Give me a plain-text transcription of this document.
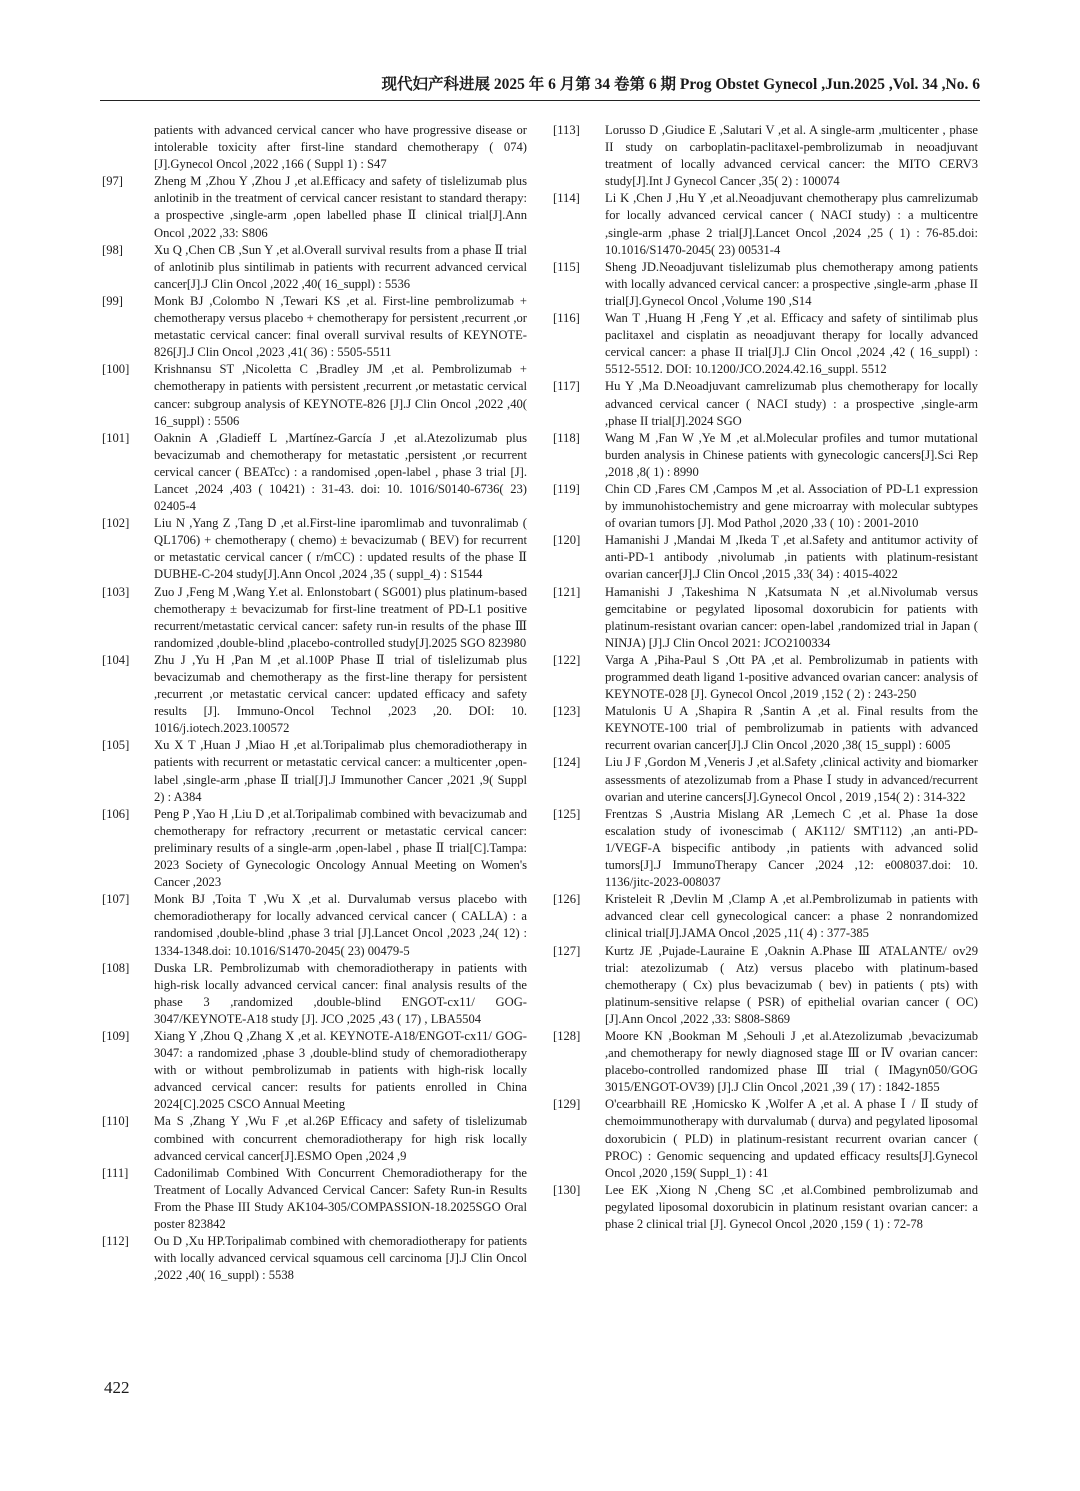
现代妇产科进展 2025 年 6 月第 34 卷第 6 期 Prog Obstet Gynecol ,Jun.2025 ,Vol. 34 ,No. 6
patients with advanced cervical cancer who have progressive disease or intolerable toxicity after first-line standard chemotherapy ( 074) [J].Gynecol Oncol ,2022 ,166 ( Suppl 1) : S47
[97]	Zheng M ,Zhou Y ,Zhou J ,et al.Efficacy and safety of tislelizumab plus anlotinib in the treatment of cervical cancer resistant to standard therapy: a prospective ,single-arm ,open labelled phase Ⅱ clinical trial[J].Ann Oncol ,2022 ,33: S806
[98]	Xu Q ,Chen CB ,Sun Y ,et al.Overall survival results from a phase Ⅱ trial of anlotinib plus sintilimab in patients with recurrent advanced cervical cancer[J].J Clin Oncol ,2022 ,40( 16_suppl) : 5536
[99]	Monk BJ ,Colombo N ,Tewari KS ,et al. First-line pembrolizumab + chemotherapy versus placebo + chemotherapy for persistent ,recurrent ,or metastatic cervical cancer: final overall survival results of KEYNOTE-826[J].J Clin Oncol ,2023 ,41( 36) : 5505-5511
[100]	Krishnansu ST ,Nicoletta C ,Bradley JM ,et al. Pembrolizumab + chemotherapy in patients with persistent ,recurrent ,or metastatic cervical cancer: subgroup analysis of KEYNOTE-826 [J].J Clin Oncol ,2022 ,40( 16_suppl) : 5506
[101]	Oaknin A ,Gladieff L ,Martínez-García J ,et al.Atezolizumab plus bevacizumab and chemotherapy for metastatic ,persistent ,or recurrent cervical cancer ( BEATcc) : a randomised ,open-label , phase 3 trial [J]. Lancet ,2024 ,403 ( 10421) : 31-43. doi: 10. 1016/S0140-6736( 23) 02405-4
[102]	Liu N ,Yang Z ,Tang D ,et al.First-line iparomlimab and tuvonralimab ( QL1706) + chemotherapy ( chemo) ± bevacizumab ( BEV) for recurrent or metastatic cervical cancer ( r/mCC) : updated results of the phase Ⅱ DUBHE-C-204 study[J].Ann Oncol ,2024 ,35 ( suppl_4) : S1544
[103]	Zuo J ,Feng M ,Wang Y.et al. Enlonstobart ( SG001) plus platinum-based chemotherapy ± bevacizumab for first-line treatment of PD-L1 positive recurrent/metastatic cervical cancer: safety run-in results of the phase Ⅲ randomized ,double-blind ,placebo-controlled study[J].2025 SGO 823980
[104]	Zhu J ,Yu H ,Pan M ,et al.100P Phase Ⅱ trial of tislelizumab plus bevacizumab and chemotherapy as the first-line therapy for persistent ,recurrent ,or metastatic cervical cancer: updated efficacy and safety results [J]. Immuno-Oncol Technol ,2023 ,20. DOI: 10. 1016/j.iotech.2023.100572
[105]	Xu X T ,Huan J ,Miao H ,et al.Toripalimab plus chemoradiotherapy in patients with recurrent or metastatic cervical cancer: a multicenter ,open-label ,single-arm ,phase Ⅱ trial[J].J Immunother Cancer ,2021 ,9( Suppl 2) : A384
[106]	Peng P ,Yao H ,Liu D ,et al.Toripalimab combined with bevacizumab and chemotherapy for refractory ,recurrent or metastatic cervical cancer: preliminary results of a single-arm ,open-label , phase Ⅱ trial[C].Tampa: 2023 Society of Gynecologic Oncology Annual Meeting on Women's Cancer ,2023
[107]	Monk BJ ,Toita T ,Wu X ,et al. Durvalumab versus placebo with chemoradiotherapy for locally advanced cervical cancer ( CALLA) : a randomised ,double-blind ,phase 3 trial [J].Lancet Oncol ,2023 ,24( 12) : 1334-1348.doi: 10.1016/S1470-2045( 23) 00479-5
[108]	Duska LR. Pembrolizumab with chemoradiotherapy in patients with high-risk locally advanced cervical cancer: final analysis results of the phase 3 ,randomized ,double-blind ENGOT-cx11/ GOG-3047/KEYNOTE-A18 study [J]. JCO ,2025 ,43 ( 17) , LBA5504
[109]	Xiang Y ,Zhou Q ,Zhang X ,et al. KEYNOTE-A18/ENGOT-cx11/ GOG-3047: a randomized ,phase 3 ,double-blind study of chemoradiotherapy with or without pembrolizumab in patients with high-risk locally advanced cervical cancer: results for patients enrolled in China 2024[C].2025 CSCO Annual Meeting
[110]	Ma S ,Zhang Y ,Wu F ,et al.26P Efficacy and safety of tislelizumab combined with concurrent chemoradiotherapy for high risk locally advanced cervical cancer[J].ESMO Open ,2024 ,9
[111]	Cadonilimab Combined With Concurrent Chemoradiotherapy for the Treatment of Locally Advanced Cervical Cancer: Safety Run-in Results From the Phase III Study AK104-305/COMPASSION-18.2025SGO Oral poster 823842
[112]	Ou D ,Xu HP.Toripalimab combined with chemoradiotherapy for patients with locally advanced cervical squamous cell carcinoma [J].J Clin Oncol ,2022 ,40( 16_suppl) : 5538
[113]	Lorusso D ,Giudice E ,Salutari V ,et al. A single-arm ,multicenter , phase II study on carboplatin-paclitaxel-pembrolizumab in neoadjuvant treatment of locally advanced cervical cancer: the MITO CERV3 study[J].Int J Gynecol Cancer ,35( 2) : 100074
[114]	Li K ,Chen J ,Hu Y ,et al.Neoadjuvant chemotherapy plus camrelizumab for locally advanced cervical cancer ( NACI study) : a multicentre ,single-arm ,phase 2 trial[J].Lancet Oncol ,2024 ,25 ( 1) : 76-85.doi: 10.1016/S1470-2045( 23) 00531-4
[115]	Sheng JD.Neoadjuvant tislelizumab plus chemotherapy among patients with locally advanced cervical cancer: a prospective ,single-arm ,phase II trial[J].Gynecol Oncol ,Volume 190 ,S14
[116]	Wan T ,Huang H ,Feng Y ,et al. Efficacy and safety of sintilimab plus paclitaxel and cisplatin as neoadjuvant therapy for locally advanced cervical cancer: a phase II trial[J].J Clin Oncol ,2024 ,42 ( 16_suppl) : 5512-5512. DOI: 10.1200/JCO.2024.42.16_suppl. 5512
[117]	Hu Y ,Ma D.Neoadjuvant camrelizumab plus chemotherapy for locally advanced cervical cancer ( NACI study) : a prospective ,single-arm ,phase II trial[J].2024 SGO
[118]	Wang M ,Fan W ,Ye M ,et al.Molecular profiles and tumor mutational burden analysis in Chinese patients with gynecologic cancers[J].Sci Rep ,2018 ,8( 1) : 8990
[119]	Chin CD ,Fares CM ,Campos M ,et al. Association of PD-L1 expression by immunohistochemistry and gene microarray with molecular subtypes of ovarian tumors [J]. Mod Pathol ,2020 ,33 ( 10) : 2001-2010
[120]	Hamanishi J ,Mandai M ,Ikeda T ,et al.Safety and antitumor activity of anti-PD-1 antibody ,nivolumab ,in patients with platinum-resistant ovarian cancer[J].J Clin Oncol ,2015 ,33( 34) : 4015-4022
[121]	Hamanishi J ,Takeshima N ,Katsumata N ,et al.Nivolumab versus gemcitabine or pegylated liposomal doxorubicin for patients with platinum-resistant ovarian cancer: open-label ,randomized trial in Japan ( NINJA) [J].J Clin Oncol 2021: JCO2100334
[122]	Varga A ,Piha-Paul S ,Ott PA ,et al. Pembrolizumab in patients with programmed death ligand 1-positive advanced ovarian cancer: analysis of KEYNOTE-028 [J]. Gynecol Oncol ,2019 ,152 ( 2) : 243-250
[123]	Matulonis U A ,Shapira R ,Santin A ,et al. Final results from the KEYNOTE-100 trial of pembrolizumab in patients with advanced recurrent ovarian cancer[J].J Clin Oncol ,2020 ,38( 15_suppl) : 6005
[124]	Liu J F ,Gordon M ,Veneris J ,et al.Safety ,clinical activity and biomarker assessments of atezolizumab from a Phase Ⅰ study in advanced/recurrent ovarian and uterine cancers[J].Gynecol Oncol , 2019 ,154( 2) : 314-322
[125]	Frentzas S ,Austria Mislang AR ,Lemech C ,et al. Phase 1a dose escalation study of ivonescimab ( AK112/ SMT112) ,an anti-PD-1/VEGF-A bispecific antibody ,in patients with advanced solid tumors[J].J ImmunoTherapy Cancer ,2024 ,12: e008037.doi: 10. 1136/jitc-2023-008037
[126]	Kristeleit R ,Devlin M ,Clamp A ,et al.Pembrolizumab in patients with advanced clear cell gynecological cancer: a phase 2 nonrandomized clinical trial[J].JAMA Oncol ,2025 ,11( 4) : 377-385
[127]	Kurtz JE ,Pujade-Lauraine E ,Oaknin A.Phase Ⅲ ATALANTE/ ov29 trial: atezolizumab ( Atz) versus placebo with platinum-based chemotherapy ( Cx) plus bevacizumab ( bev) in patients ( pts) with platinum-sensitive relapse ( PSR) of epithelial ovarian cancer ( OC) [J].Ann Oncol ,2022 ,33: S808-S869
[128]	Moore KN ,Bookman M ,Sehouli J ,et al.Atezolizumab ,bevacizumab ,and chemotherapy for newly diagnosed stage Ⅲ or Ⅳ ovarian cancer: placebo-controlled randomized phase Ⅲ trial ( IMagyn050/GOG 3015/ENGOT-OV39) [J].J Clin Oncol ,2021 ,39 ( 17) : 1842-1855
[129]	O'cearbhaill RE ,Homicsko K ,Wolfer A ,et al. A phase Ⅰ / Ⅱ study of chemoimmunotherapy with durvalumab ( durva) and pegylated liposomal doxorubicin ( PLD) in platinum-resistant recurrent ovarian cancer ( PROC) : Genomic sequencing and updated efficacy results[J].Gynecol Oncol ,2020 ,159( Suppl_1) : 41
[130]	Lee EK ,Xiong N ,Cheng SC ,et al.Combined pembrolizumab and pegylated liposomal doxorubicin in platinum resistant ovarian cancer: a phase 2 clinical trial [J]. Gynecol Oncol ,2020 ,159 ( 1) : 72-78
422
